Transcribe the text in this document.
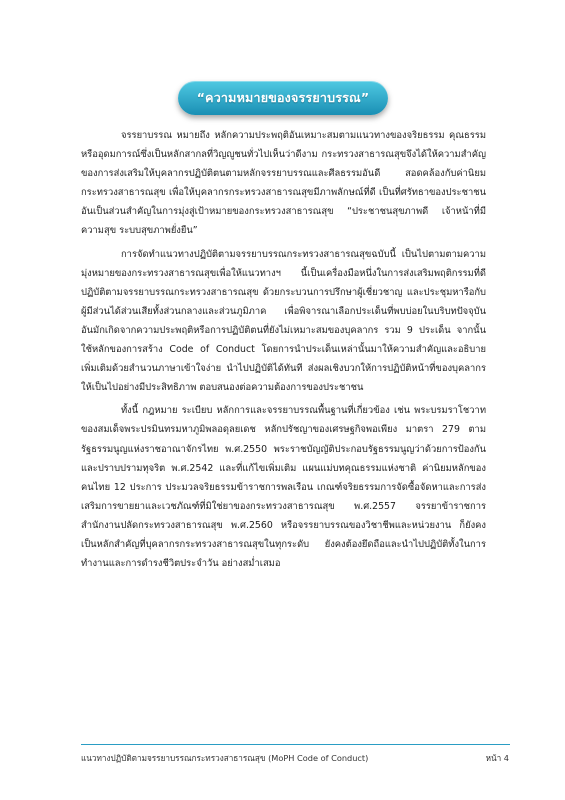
“ความหมายของจรรยาบรรณ”

จรรยาบรรณ หมายถึง หลักความประพฤติอันเหมาะสมตามแนวทางของจริยธรรม คุณธรรมหรืออุดมการณ์ซึ่งเป็นหลักสากลที่วิญญูชนทั่วไปเห็นว่าดีงาม กระทรวงสาธารณสุขจึงได้ให้ความสำคัญของการส่งเสริมให้บุคลากรปฏิบัติตนตามหลักจรรยาบรรณและศีลธรรมอันดี สอดคล้องกับค่านิยมกระทรวงสาธารณสุข เพื่อให้บุคลากรกระทรวงสาธารณสุขมีภาพลักษณ์ที่ดี เป็นที่ศรัทธาของประชาชน อันเป็นส่วนสำคัญในการมุ่งสู่เป้าหมายของกระทรวงสาธารณสุข “ประชาชนสุขภาพดี เจ้าหน้าที่มีความสุข ระบบสุขภาพยั่งยืน”

การจัดทำแนวทางปฏิบัติตามจรรยาบรรณกระทรวงสาธารณสุขฉบับนี้ เป็นไปตามตามความมุ่งหมายของกระทรวงสาธารณสุขเพื่อให้แนวทางฯ นี้เป็นเครื่องมือหนึ่งในการส่งเสริมพฤติกรรมที่ดี ปฏิบัติตามจรรยาบรรณกระทรวงสาธารณสุข ด้วยกระบวนการปรึกษาผู้เชี่ยวชาญ และประชุมหารือกับผู้มีส่วนได้ส่วนเสียทั้งส่วนกลางและส่วนภูมิภาค เพื่อพิจารณาเลือกประเด็นที่พบบ่อยในบริบทปัจจุบัน อันมักเกิดจากความประพฤติหรือการปฏิบัติตนที่ยังไม่เหมาะสมของบุคลากร รวม 9 ประเด็น จากนั้น ใช้หลักของการสร้าง Code of Conduct โดยการนำประเด็นเหล่านั้นมาให้ความสำคัญและอธิบายเพิ่มเติมด้วยสำนวนภาษาเข้าใจง่าย นำไปปฏิบัติได้ทันที ส่งผลเชิงบวกให้การปฏิบัติหน้าที่ของบุคลากรให้เป็นไปอย่างมีประสิทธิภาพ ตอบสนองต่อความต้องการของประชาชน

ทั้งนี้ กฎหมาย ระเบียบ หลักการและจรรยาบรรณพื้นฐานที่เกี่ยวข้อง เช่น พระบรมราโชวาทของสมเด็จพระปรมินทรมหาภูมิพลอดุลยเดช หลักปรัชญาของเศรษฐกิจพอเพียง มาตรา 279 ตามรัฐธรรมนูญแห่งราชอาณาจักรไทย พ.ศ.2550 พระราชบัญญัติประกอบรัฐธรรมนูญว่าด้วยการป้องกันและปราบปรามทุจริต พ.ศ.2542 และที่แก้ไขเพิ่มเติม แผนแม่บทคุณธรรมแห่งชาติ ค่านิยมหลักของคนไทย 12 ประการ ประมวลจริยธรรมข้าราชการพลเรือน เกณฑ์จริยธรรมการจัดซื้อจัดหาและการส่งเสริมการขายยาและเวชภัณฑ์ที่มิใช่ยาของกระทรวงสาธารณสุข พ.ศ.2557 จรรยาข้าราชการสำนักงานปลัดกระทรวงสาธารณสุข พ.ศ.2560 หรือจรรยาบรรณของวิชาชีพและหน่วยงาน ก็ยังคงเป็นหลักสำคัญที่บุคลากรกระทรวงสาธารณสุขในทุกระดับ ยังคงต้องยึดถือและนำไปปฏิบัติทั้งในการทำงานและการดำรงชีวิตประจำวัน อย่างสม่ำเสมอ

แนวทางปฏิบัติตามจรรยาบรรณกระทรวงสาธารณสุข (MoPH Code of Conduct)	หน้า 4
